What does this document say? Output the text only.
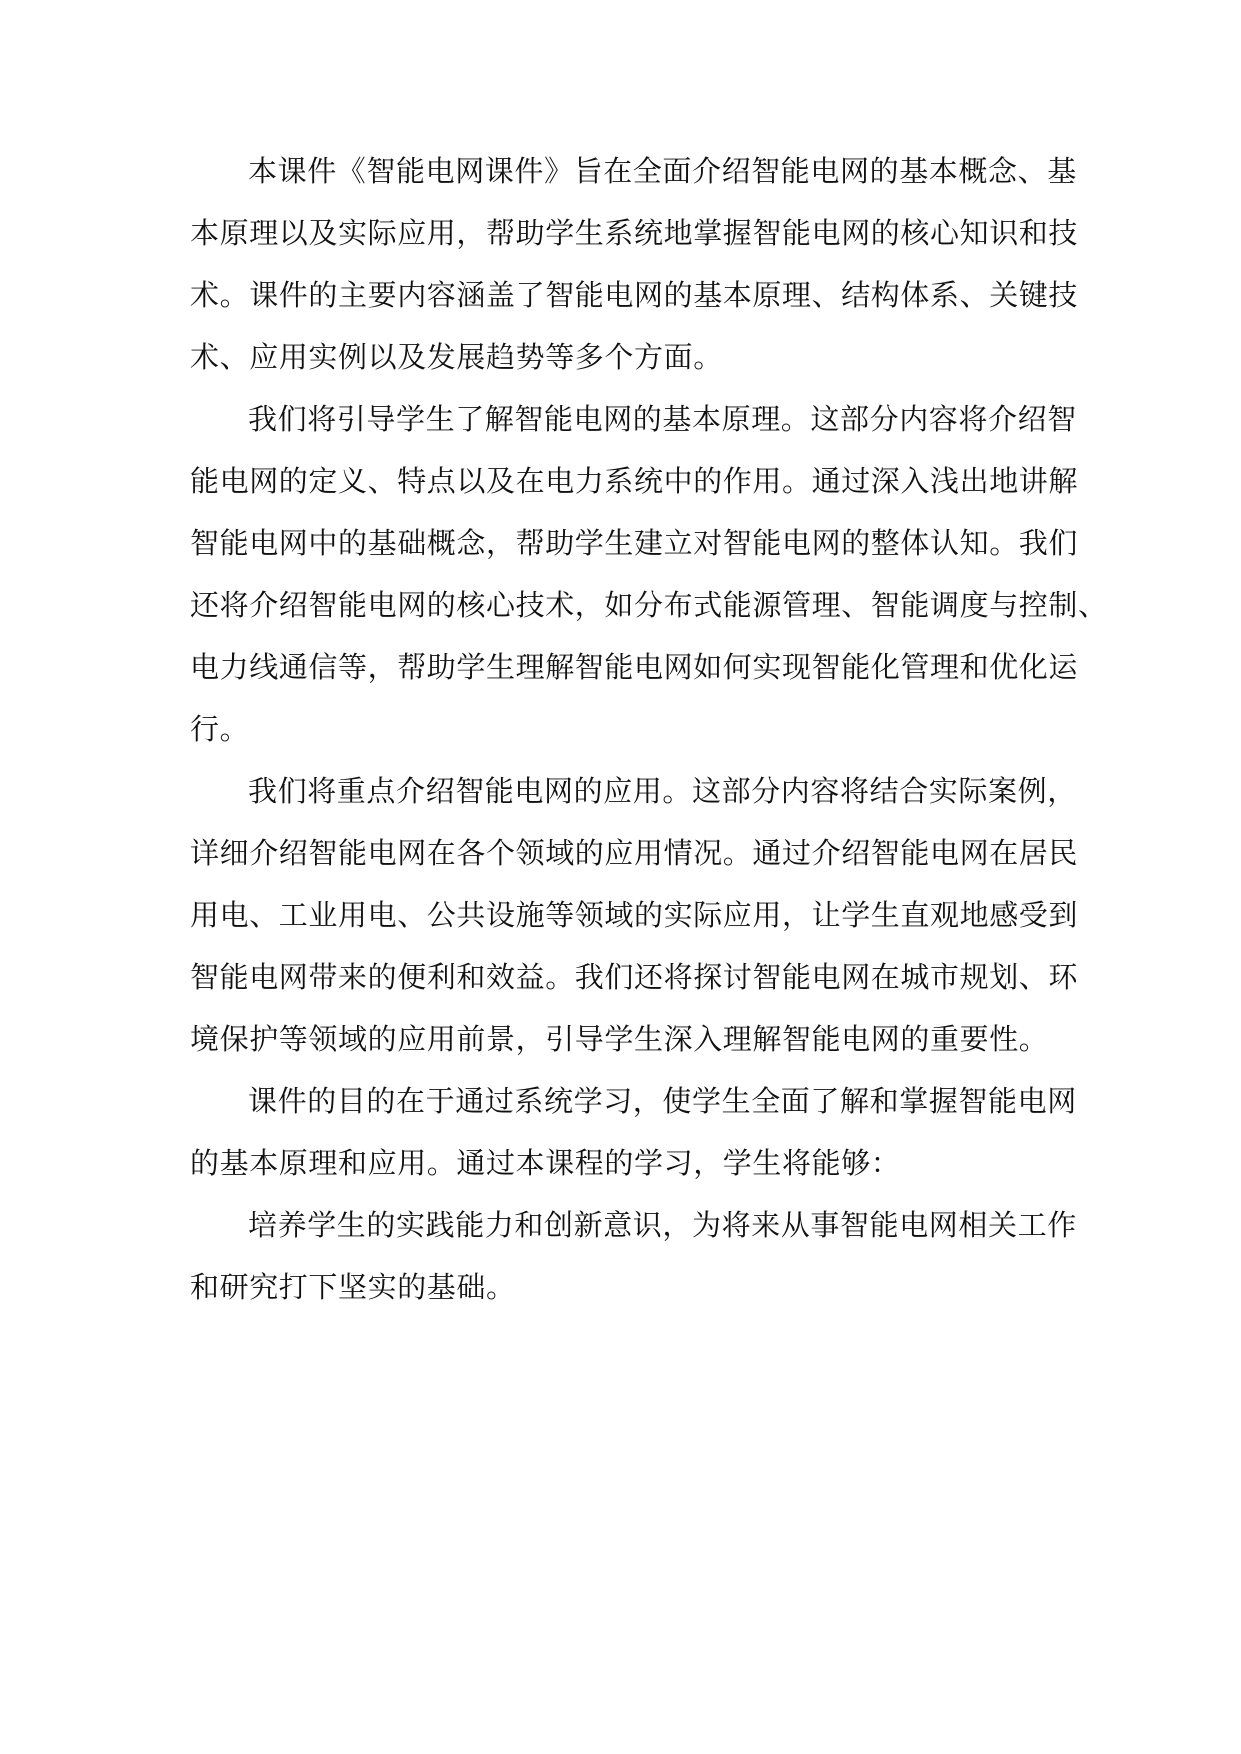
本课件《智能电网课件》旨在全面介绍智能电网的基本概念、基
本原理以及实际应用，帮助学生系统地掌握智能电网的核心知识和技
术。课件的主要内容涵盖了智能电网的基本原理、结构体系、关键技
术、应用实例以及发展趋势等多个方面。
我们将引导学生了解智能电网的基本原理。这部分内容将介绍智
能电网的定义、特点以及在电力系统中的作用。通过深入浅出地讲解
智能电网中的基础概念，帮助学生建立对智能电网的整体认知。我们
还将介绍智能电网的核心技术，如分布式能源管理、智能调度与控制、
电力线通信等，帮助学生理解智能电网如何实现智能化管理和优化运
行。
我们将重点介绍智能电网的应用。这部分内容将结合实际案例，
详细介绍智能电网在各个领域的应用情况。通过介绍智能电网在居民
用电、工业用电、公共设施等领域的实际应用，让学生直观地感受到
智能电网带来的便利和效益。我们还将探讨智能电网在城市规划、环
境保护等领域的应用前景，引导学生深入理解智能电网的重要性。
课件的目的在于通过系统学习，使学生全面了解和掌握智能电网
的基本原理和应用。通过本课程的学习，学生将能够：
培养学生的实践能力和创新意识，为将来从事智能电网相关工作
和研究打下坚实的基础。
